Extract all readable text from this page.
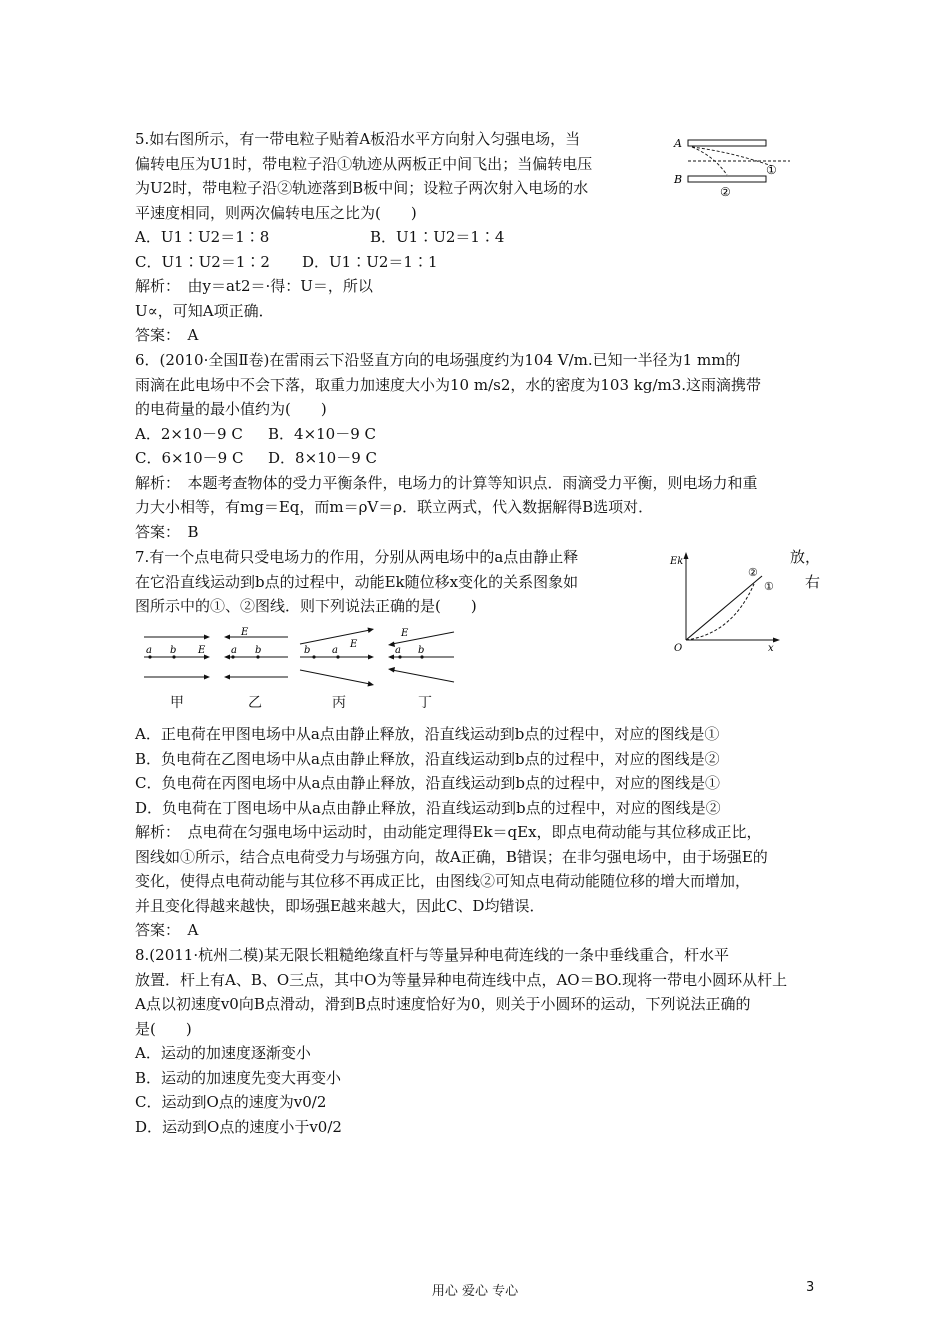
5.如右图所示，有一带电粒子贴着A板沿水平方向射入匀强电场，当
偏转电压为U1时，带电粒子沿①轨迹从两板正中间飞出；当偏转电压
为U2时，带电粒子沿②轨迹落到B板中间；设粒子两次射入电场的水
平速度相同，则两次偏转电压之比为(　　)
A．U1∶U2＝1∶8	B．U1∶U2＝1∶4
C．U1∶U2＝1∶2	D．U1∶U2＝1∶1
解析：　由y＝at2＝·得：U＝，所以
U∝，可知A项正确．
答案：　A
A
B
①
②
6．(2010·全国Ⅱ卷)在雷雨云下沿竖直方向的电场强度约为104 V/m.已知一半径为1 mm的
雨滴在此电场中不会下落，取重力加速度大小为10 m/s2，水的密度为103 kg/m3.这雨滴携带
的电荷量的最小值约为(　　)
A．2×10－9 C	B．4×10－9 C
C．6×10－9 C	D．8×10－9 C
解析：　本题考查物体的受力平衡条件，电场力的计算等知识点．雨滴受力平衡，则电场力和重
力大小相等，有mg＝Eq，而m＝ρV＝ρ．联立两式，代入数据解得B选项对．
答案：　B
7.有一个点电荷只受电场力的作用，分别从两电场中的a点由静止释
在它沿直线运动到b点的过程中，动能Ek随位移x变化的关系图象如
图所示中的①、②图线．则下列说法正确的是(　　)
放，
右
Ek
O	x
②
①
a b E
E
a b	b a
E
E
a b
甲	乙	丙	丁
A．正电荷在甲图电场中从a点由静止释放，沿直线运动到b点的过程中，对应的图线是①
B．负电荷在乙图电场中从a点由静止释放，沿直线运动到b点的过程中，对应的图线是②
C．负电荷在丙图电场中从a点由静止释放，沿直线运动到b点的过程中，对应的图线是①
D．负电荷在丁图电场中从a点由静止释放，沿直线运动到b点的过程中，对应的图线是②
解析：　点电荷在匀强电场中运动时，由动能定理得Ek＝qEx，即点电荷动能与其位移成正比，
图线如①所示，结合点电荷受力与场强方向，故A正确，B错误；在非匀强电场中，由于场强E的
变化，使得点电荷动能与其位移不再成正比，由图线②可知点电荷动能随位移的增大而增加，
并且变化得越来越快，即场强E越来越大，因此C、D均错误．
答案：　A
8.(2011·杭州二模)某无限长粗糙绝缘直杆与等量异种电荷连线的一条中垂线重合，杆水平
放置．杆上有A、B、O三点，其中O为等量异种电荷连线中点，AO＝BO.现将一带电小圆环从杆上
A点以初速度v0向B点滑动，滑到B点时速度恰好为0，则关于小圆环的运动，下列说法正确的
是(　　)
A．运动的加速度逐渐变小
B．运动的加速度先变大再变小
C．运动到O点的速度为v0/2
D．运动到O点的速度小于v0/2
用心 爱心 专心	3
